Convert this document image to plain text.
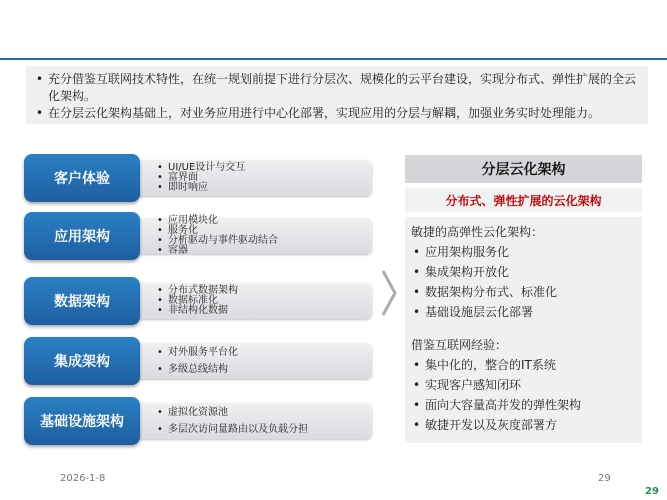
• 充分借鉴互联网技术特性，在统一规划前提下进行分层次、规模化的云平台建设，实现分布式、弹性扩展的全云化架构。
• 在分层云化架构基础上，对业务应用进行中心化部署，实现应用的分层与解耦，加强业务实时处理能力。
客户体验
• UI/UE设计与交互
• 富界面
• 即时响应
应用架构
• 应用模块化
• 服务化
• 分析驱动与事件驱动结合
• 容器
数据架构
• 分布式数据架构
• 数据标准化
• 非结构化数据
集成架构
• 对外服务平台化
• 多级总线结构
基础设施架构
• 虚拟化资源池
• 多层次访问量路由以及负载分担
分层云化架构
分布式、弹性扩展的云化架构
敏捷的高弹性云化架构：
• 应用架构服务化
• 集成架构开放化
• 数据架构分布式、标准化
• 基础设施层云化部署
借鉴互联网经验：
• 集中化的，整合的IT系统
• 实现客户感知闭环
• 面向大容量高并发的弹性架构
• 敏捷开发以及灰度部署方
2026-1-8	29
29
